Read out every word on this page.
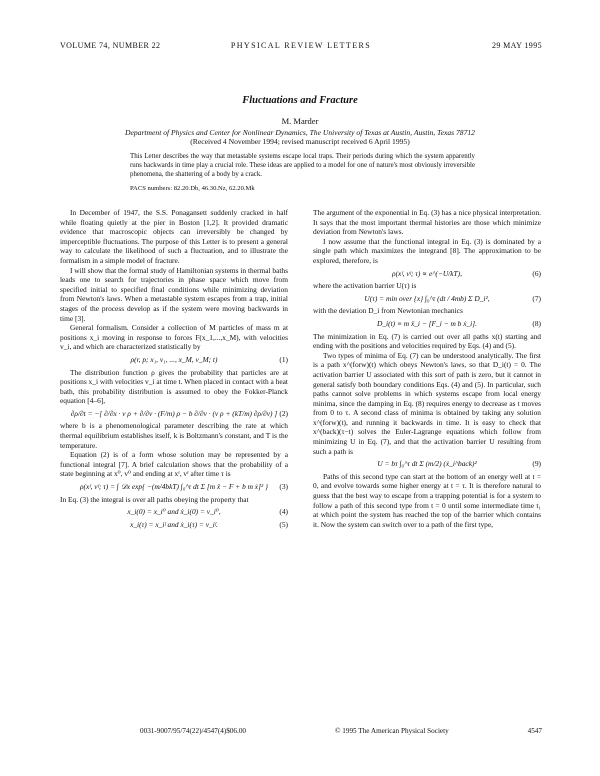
VOLUME 74, NUMBER 22	PHYSICAL REVIEW LETTERS	29 MAY 1995
Fluctuations and Fracture
M. Marder
Department of Physics and Center for Nonlinear Dynamics, The University of Texas at Austin, Austin, Texas 78712
(Received 4 November 1994; revised manuscript received 6 April 1995)
This Letter describes the way that metastable systems escape local traps. Their periods during which the system apparently runs backwards in time play a crucial role. These ideas are applied to a model for one of nature's most obviously irreversible phenomena, the shattering of a body by a crack.
PACS numbers: 82.20.Db, 46.30.Nz, 62.20.Mk

In December of 1947, the S.S. Ponagansett suddenly cracked in half while floating quietly at the pier in Boston [1,2]. It provided dramatic evidence that macroscopic objects can irreversibly be changed by imperceptible fluctuations. The purpose of this Letter is to present a general way to calculate the likelihood of such a fluctuation, and to illustrate the formalism in a simple model of fracture.

I will show that the formal study of Hamiltonian systems in thermal baths leads one to search for trajectories in phase space which move from specified initial to specified final conditions while minimizing deviation from Newton's laws. When a metastable system escapes from a trap, initial stages of the process develop as if the system were moving backwards in time [3].

General formalism. Consider a collection of M particles of mass m at positions x_i moving in response to forces F(x_1,...,x_M), with velocities v_i, and which are characterized statistically by

ρ(r, p; x₁, v₁, ..., x_M, v_M; t)	(1)

The distribution function ρ gives the probability that particles are at positions x_i with velocities v_i at time t. When placed in contact with a heat bath, this probability distribution is assumed to obey the Fokker-Planck equation [4–6],

∂ρ/∂t = −[ ∂/∂x · v ρ + ∂/∂v · (F/m) ρ − b ∂/∂v · (v ρ + (kT/m) ∂ρ/∂v) ] (2)

where b is a phenomenological parameter describing the rate at which thermal equilibrium establishes itself, k is Boltzmann's constant, and T is the temperature.

Equation (2) is of a form whose solution may be represented by a functional integral [7]. A brief calculation shows that the probability of a state beginning at x⁰, v⁰ and ending at xᶠ, vᶠ after time τ is

ρ(xᶠ, vᶠ; τ) = ∫ 𝒟x exp{ −(m/4bkT) ∫₀^τ dt Σ [m ẍ − F + b m ẋ]² } (3)

In Eq. (3) the integral is over all paths obeying the property that

x_i(0) = x_i⁰ and ẋ_i(0) = v_i⁰,	(4)
x_i(τ) = x_iᶠ and ẋ_i(τ) = v_iᶠ.	(5)

The argument of the exponential in Eq. (3) has a nice physical interpretation. It says that the most important thermal histories are those which minimize deviation from Newton's laws.

I now assume that the functional integral in Eq. (3) is dominated by a single path which maximizes the integrand [8]. The approximation to be explored, therefore, is

ρ(xᶠ, vᶠ; τ) ∝ e^(−U/kT),	(6)

where the activation barrier U(τ) is

U(τ) = min over {x} ∫₀^τ (dt / 4mb) Σ D_i²,	(7)

with the deviation D_i from Newtonian mechanics

D_i(t) ≡ m ẍ_i − [F_i − m b ẋ_i].	(8)

The minimization in Eq. (7) is carried out over all paths x(t) starting and ending with the positions and velocities required by Eqs. (4) and (5).

Two types of minima of Eq. (7) can be understood analytically. The first is a path x^(forw)(t) which obeys Newton's laws, so that D_i(t) = 0. The activation barrier U associated with this sort of path is zero, but it cannot in general satisfy both boundary conditions Eqs. (4) and (5). In particular, such paths cannot solve problems in which systems escape from local energy minima, since the damping in Eq. (8) requires energy to decrease as t moves from 0 to τ. A second class of minima is obtained by taking any solution x^(forw)(t), and running it backwards in time. It is easy to check that x^(back)(τ−t) solves the Euler-Lagrange equations which follow from minimizing U in Eq. (7), and that the activation barrier U resulting from such a path is

U = bτ ∫₀^τ dt Σ (m/2) (ẋ_i^back)²	(9)

Paths of this second type can start at the bottom of an energy well at t = 0, and evolve towards some higher energy at t = τ. It is therefore natural to guess that the best way to escape from a trapping potential is for a system to follow a path of this second type from t = 0 until some intermediate time t₁ at which point the system has reached the top of the barrier which contains it. Now the system can switch over to a path of the first type,

0031-9007/95/74(22)/4547(4)$06.00	© 1995 The American Physical Society	4547
